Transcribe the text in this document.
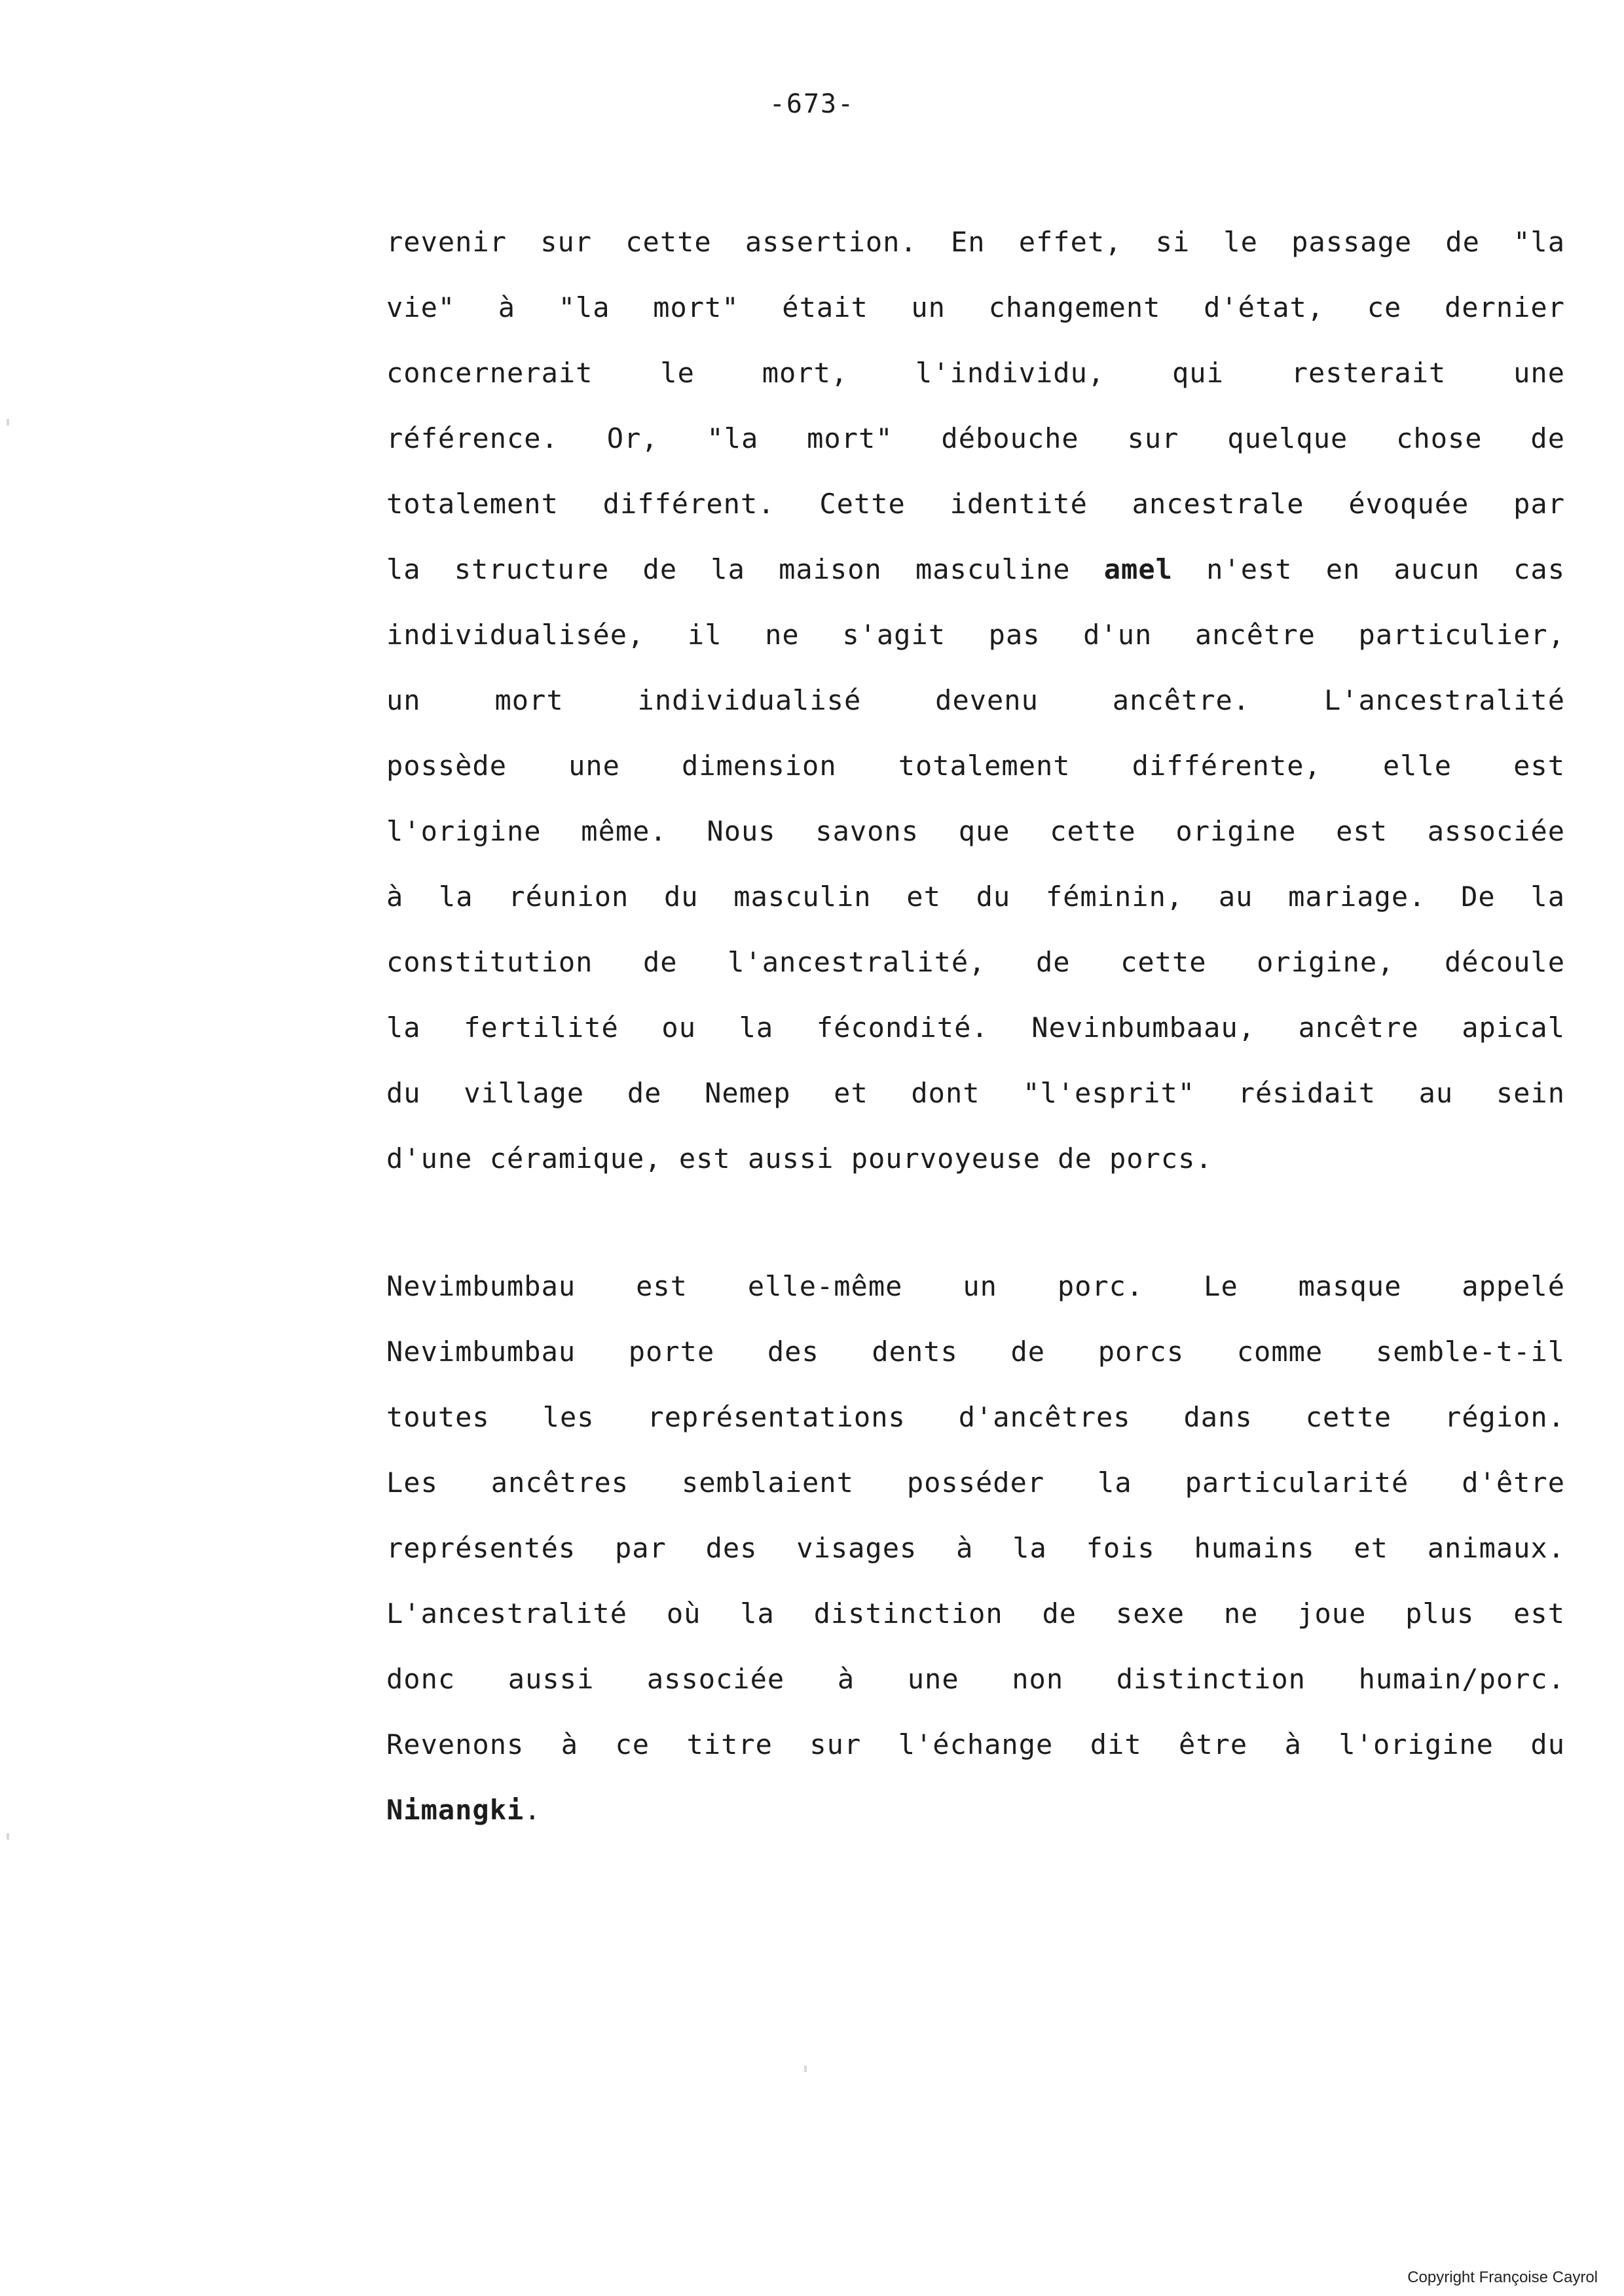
-673-
revenir sur cette assertion. En effet, si le passage de "la
vie" à "la mort" était un changement d'état, ce dernier
concernerait le mort, l'individu, qui resterait une
référence. Or, "la mort" débouche sur quelque chose de
totalement différent. Cette identité ancestrale évoquée par
la structure de la maison masculine amel n'est en aucun cas
individualisée, il ne s'agit pas d'un ancêtre particulier,
un mort individualisé devenu ancêtre. L'ancestralité
possède une dimension totalement différente, elle est
l'origine même. Nous savons que cette origine est associée
à la réunion du masculin et du féminin, au mariage. De la
constitution de l'ancestralité, de cette origine, découle
la fertilité ou la fécondité. Nevinbumbaau, ancêtre apical
du village de Nemep et dont "l'esprit" résidait au sein
d'une céramique, est aussi pourvoyeuse de porcs.
Nevimbumbau est elle-même un porc. Le masque appelé
Nevimbumbau porte des dents de porcs comme semble-t-il
toutes les représentations d'ancêtres dans cette région.
Les ancêtres semblaient posséder la particularité d'être
représentés par des visages à la fois humains et animaux.
L'ancestralité où la distinction de sexe ne joue plus est
donc aussi associée à une non distinction humain/porc.
Revenons à ce titre sur l'échange dit être à l'origine du
Nimangki.
Copyright Françoise Cayrol
